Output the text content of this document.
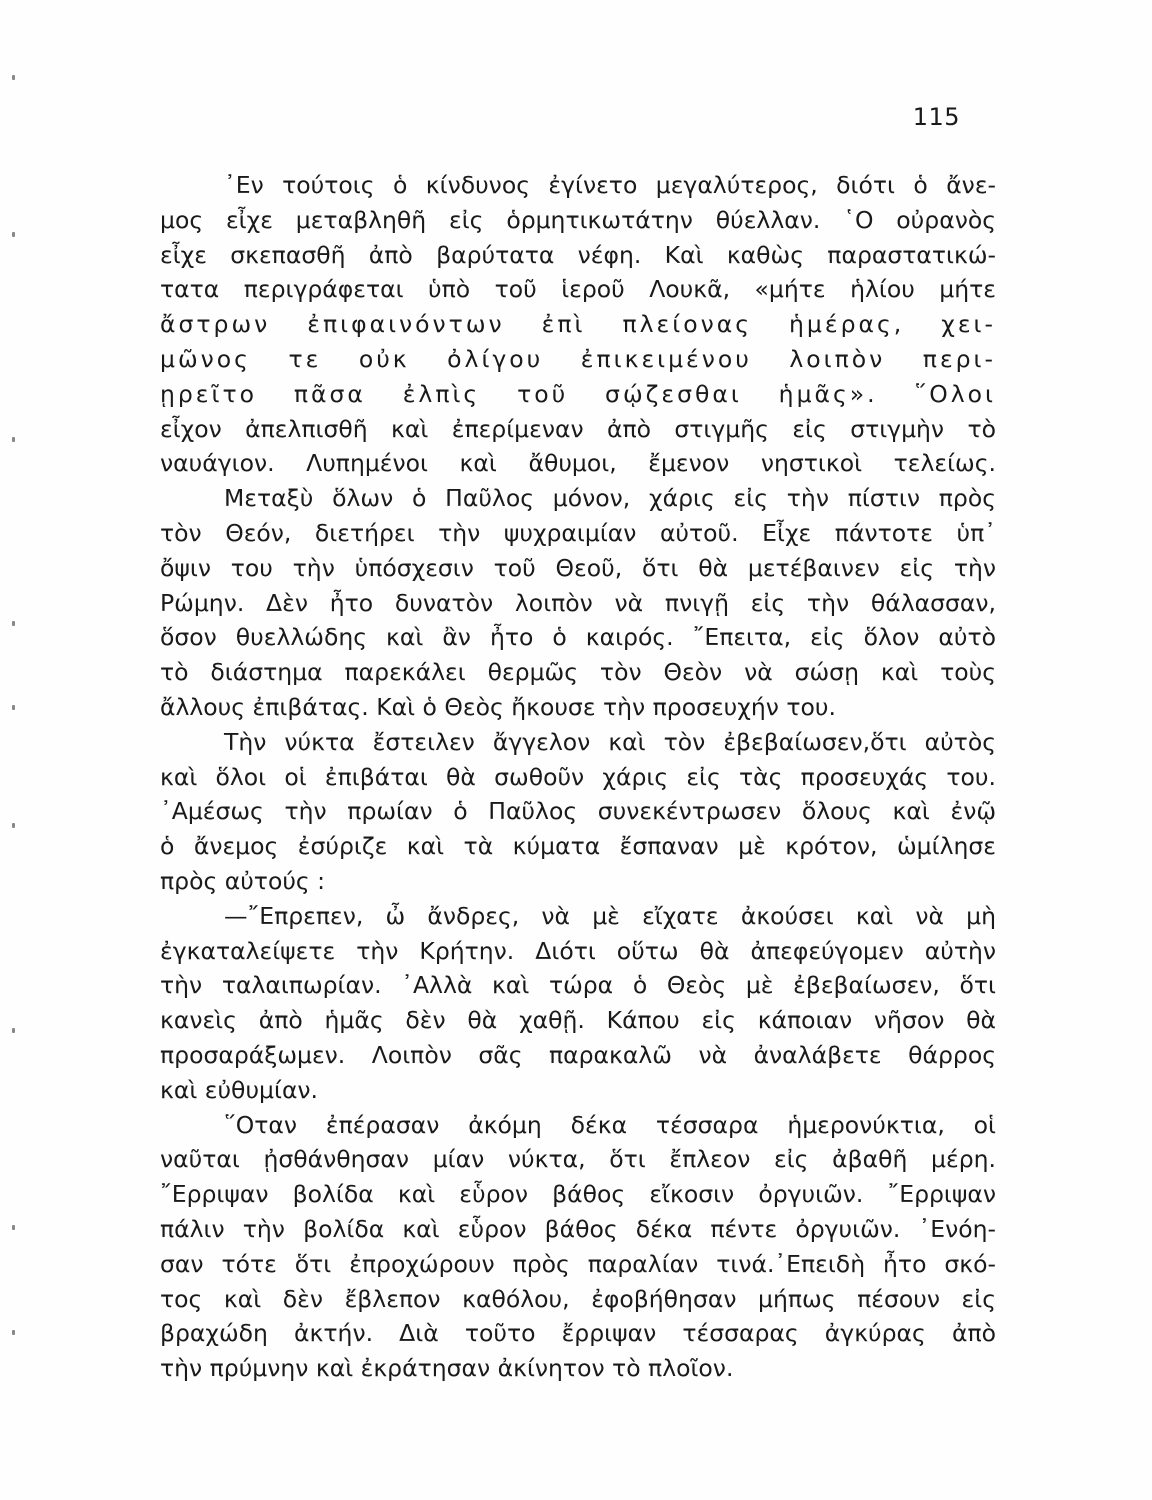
115
᾿Εν τούτοις ὁ κίνδυνος ἐγίνετο μεγαλύτερος, διότι ὁ ἄνε-
μος εἶχε μεταβληθῆ εἰς ὁρμητικωτάτην θύελλαν. ῾Ο οὐρανὸς
εἶχε σκεπασθῆ ἀπὸ βαρύτατα νέφη. Καὶ καθὼς παραστατικώ-
τατα περιγράφεται ὑπὸ τοῦ ἱεροῦ Λουκᾶ, «μήτε ἡλίου μήτε
ἄστρων ἐπιφαινόντων ἐπὶ πλείονας ἡμέρας, χει-
μῶνος τε οὐκ ὀλίγου ἐπικειμένου λοιπὸν περι-
ῃρεῖτο πᾶσα ἐλπὶς τοῦ σῴζεσθαι ἡμᾶς». ῞Ολοι
εἶχον ἀπελπισθῆ καὶ ἐπερίμεναν ἀπὸ στιγμῆς εἰς στιγμὴν τὸ
ναυάγιον. Λυπημένοι καὶ ἄθυμοι, ἔμενον νηστικοὶ τελείως.
Μεταξὺ ὅλων ὁ Παῦλος μόνον, χάρις εἰς τὴν πίστιν πρὸς
τὸν Θεόν, διετήρει τὴν ψυχραιμίαν αὐτοῦ. Εἶχε πάντοτε ὑπ᾿
ὄψιν του τὴν ὑπόσχεσιν τοῦ Θεοῦ, ὅτι θὰ μετέβαινεν εἰς τὴν
Ρώμην. Δὲν ἦτο δυνατὸν λοιπὸν νὰ πνιγῇ εἰς τὴν θάλασσαν,
ὅσον θυελλώδης καὶ ἂν ἦτο ὁ καιρός. ῎Επειτα, εἰς ὅλον αὐτὸ
τὸ διάστημα παρεκάλει θερμῶς τὸν Θεὸν νὰ σώσῃ καὶ τοὺς
ἄλλους ἐπιβάτας. Καὶ ὁ Θεὸς ἤκουσε τὴν προσευχήν του.
Τὴν νύκτα ἔστειλεν ἄγγελον καὶ τὸν ἐβεβαίωσεν,ὅτι αὐτὸς
καὶ ὅλοι οἱ ἐπιβάται θὰ σωθοῦν χάρις εἰς τὰς προσευχάς του.
᾿Αμέσως τὴν πρωίαν ὁ Παῦλος συνεκέντρωσεν ὅλους καὶ ἐνῷ
ὁ ἄνεμος ἐσύριζε καὶ τὰ κύματα ἔσπαναν μὲ κρότον, ὡμίλησε
πρὸς αὐτούς :
—῎Επρεπεν, ὦ ἄνδρες, νὰ μὲ εἴχατε ἀκούσει καὶ νὰ μὴ
ἐγκαταλείψετε τὴν Κρήτην. Διότι οὕτω θὰ ἀπεφεύγομεν αὐτὴν
τὴν ταλαιπωρίαν. ᾿Αλλὰ καὶ τώρα ὁ Θεὸς μὲ ἐβεβαίωσεν, ὅτι
κανεὶς ἀπὸ ἡμᾶς δὲν θὰ χαθῇ. Κάπου εἰς κάποιαν νῆσον θὰ
προσαράξωμεν. Λοιπὸν σᾶς παρακαλῶ νὰ ἀναλάβετε θάρρος
καὶ εὐθυμίαν.
῞Οταν ἐπέρασαν ἀκόμη δέκα τέσσαρα ἡμερονύκτια, οἱ
ναῦται ᾐσθάνθησαν μίαν νύκτα, ὅτι ἔπλεον εἰς ἀβαθῆ μέρη.
῎Ερριψαν βολίδα καὶ εὗρον βάθος εἴκοσιν ὀργυιῶν. ῎Ερριψαν
πάλιν τὴν βολίδα καὶ εὗρον βάθος δέκα πέντε ὀργυιῶν. ᾿Ενόη-
σαν τότε ὅτι ἐπροχώρουν πρὸς παραλίαν τινά.᾿Επειδὴ ἦτο σκό-
τος καὶ δὲν ἔβλεπον καθόλου, ἐφοβήθησαν μήπως πέσουν εἰς
βραχώδη ἀκτήν. Διὰ τοῦτο ἔρριψαν τέσσαρας ἀγκύρας ἀπὸ
τὴν πρύμνην καὶ ἐκράτησαν ἀκίνητον τὸ πλοῖον.
